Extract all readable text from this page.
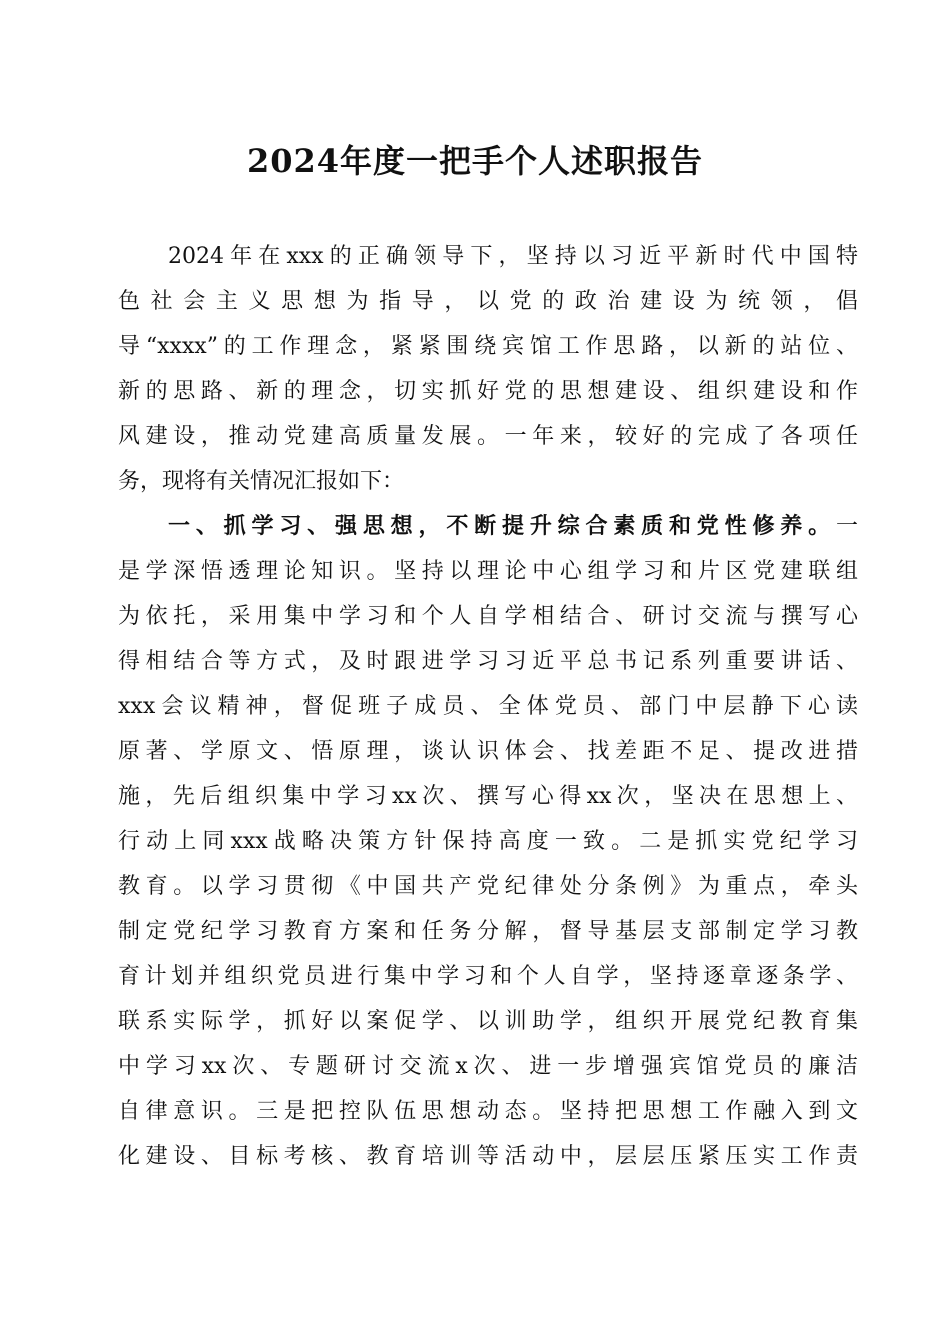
2024年度一把手个人述职报告
2024年在xxx的正确领导下，坚持以习近平新时代中国特
色社会主义思想为指导，以党的政治建设为统领，倡
导“xxxx”的工作理念，紧紧围绕宾馆工作思路，以新的站位、
新的思路、新的理念，切实抓好党的思想建设、组织建设和作
风建设，推动党建高质量发展。一年来，较好的完成了各项任
务，现将有关情况汇报如下：
一、抓学习、强思想，不断提升综合素质和党性修养。一
是学深悟透理论知识。坚持以理论中心组学习和片区党建联组
为依托，采用集中学习和个人自学相结合、研讨交流与撰写心
得相结合等方式，及时跟进学习习近平总书记系列重要讲话、
xxx会议精神，督促班子成员、全体党员、部门中层静下心读
原著、学原文、悟原理，谈认识体会、找差距不足、提改进措
施，先后组织集中学习xx次、撰写心得xx次，坚决在思想上、
行动上同xxx战略决策方针保持高度一致。二是抓实党纪学习
教育。以学习贯彻《中国共产党纪律处分条例》为重点，牵头
制定党纪学习教育方案和任务分解，督导基层支部制定学习教
育计划并组织党员进行集中学习和个人自学，坚持逐章逐条学、
联系实际学，抓好以案促学、以训助学，组织开展党纪教育集
中学习xx次、专题研讨交流x次、进一步增强宾馆党员的廉洁
自律意识。三是把控队伍思想动态。坚持把思想工作融入到文
化建设、目标考核、教育培训等活动中，层层压紧压实工作责
